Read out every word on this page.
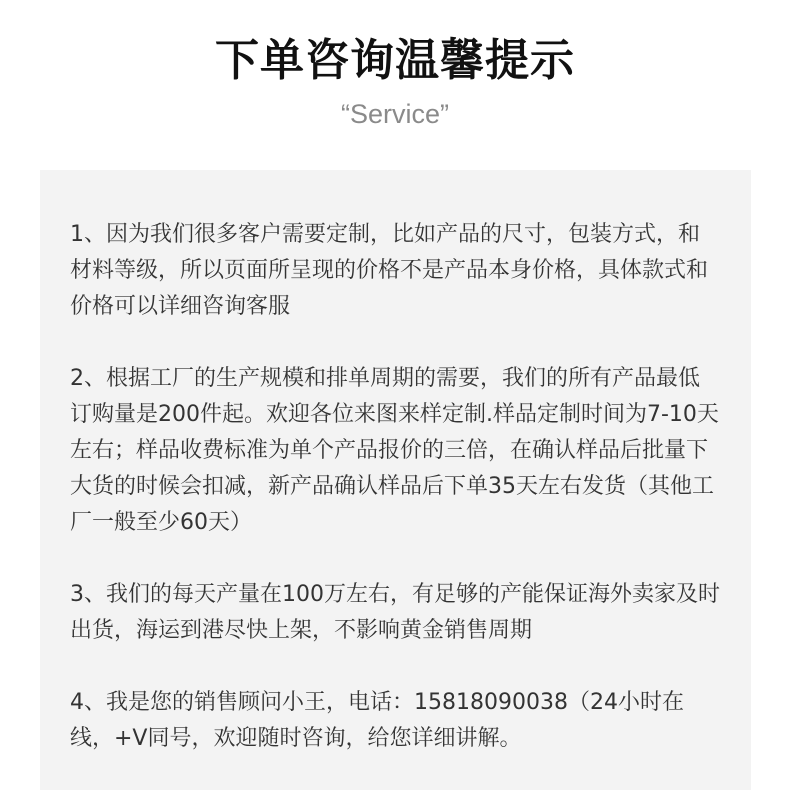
下单咨询温馨提示
“Service”

1、因为我们很多客户需要定制，比如产品的尺寸，包装方式，和材料等级，所以页面所呈现的价格不是产品本身价格，具体款式和价格可以详细咨询客服

2、根据工厂的生产规模和排单周期的需要，我们的所有产品最低订购量是200件起。欢迎各位来图来样定制.样品定制时间为7-10天左右；样品收费标准为单个产品报价的三倍，在确认样品后批量下大货的时候会扣减，新产品确认样品后下单35天左右发货（其他工厂一般至少60天）

3、我们的每天产量在100万左右，有足够的产能保证海外卖家及时出货，海运到港尽快上架，不影响黄金销售周期

4、我是您的销售顾问小王，电话：15818090038（24小时在线，+V同号，欢迎随时咨询，给您详细讲解。
